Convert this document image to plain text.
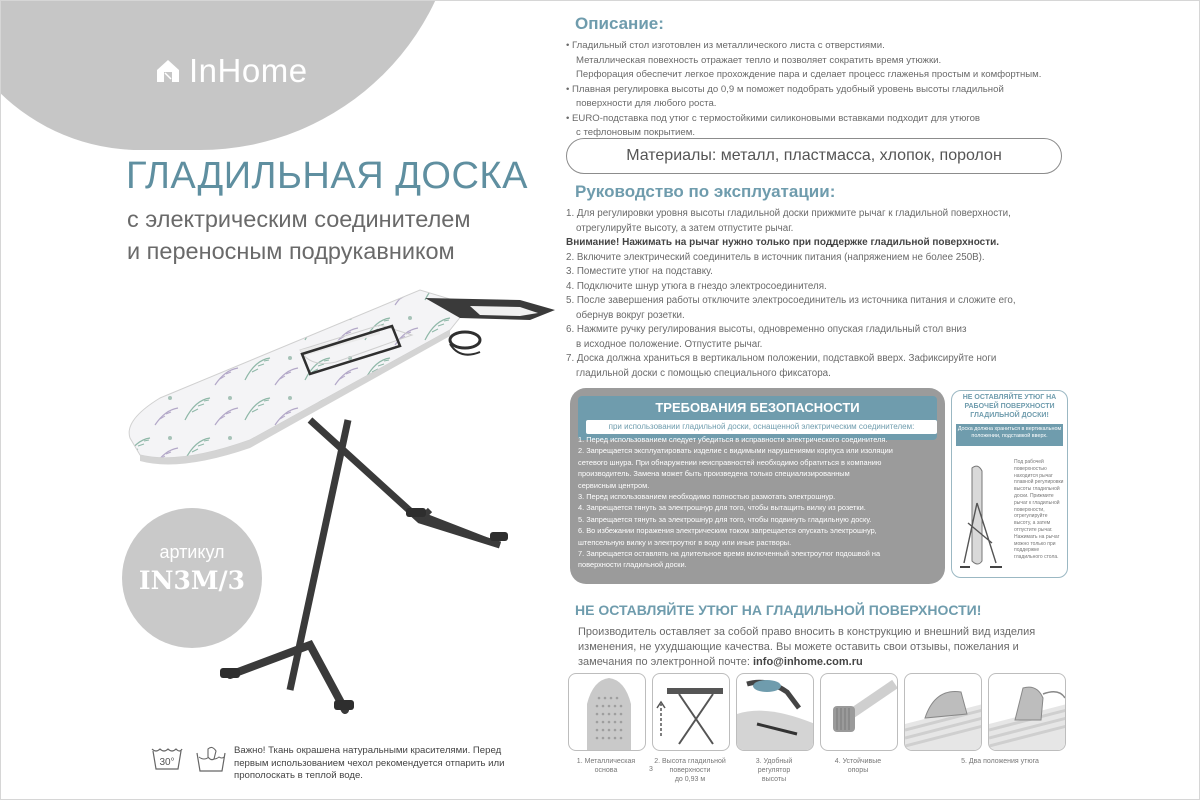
InHome
ГЛАДИЛЬНАЯ ДОСКА
с электрическим соединителем
и переносным подрукавником
артикул
IN3M/3
30°
Важно! Ткань окрашена натуральными красителями. Перед первым использованием чехол рекомендуется отпарить или прополоскать в теплой воде.
Описание:
• Гладильный стол изготовлен из металлического листа с отверстиями.
Металлическая повехность отражает тепло и позволяет сократить время утюжки.
Перфорация обеспечит легкое прохождение пара и сделает процесс глаженья простым и комфортным.
• Плавная регулировка высоты до 0,9 м поможет подобрать удобный уровень высоты гладильной
поверхности для любого роста.
• EURO-подставка под утюг с термостойкими силиконовыми вставками подходит для утюгов
с тефлоновым покрытием.
Материалы: металл, пластмасса, хлопок, поролон
Руководство по эксплуатации:
1. Для регулировки уровня высоты гладильной доски прижмите рычаг к гладильной поверхности,
отрегулируйте высоту, а затем отпустите рычаг.
Внимание! Нажимать на рычаг нужно только при поддержке гладильной поверхности.
2. Включите электрический соединитель в источник питания (напряжением не более 250В).
3. Поместите утюг на подставку.
4. Подключите шнур утюга в гнездо электросоединителя.
5. После завершения работы отключите электросоединитель из источника питания и сложите его,
обернув вокруг розетки.
6. Нажмите ручку регулирования высоты, одновременно опуская гладильный стол вниз
в исходное положение. Отпустите рычаг.
7. Доска должна храниться в вертикальном положении, подставкой вверх. Зафиксируйте ноги
гладильной доски с помощью специального фиксатора.
ТРЕБОВАНИЯ БЕЗОПАСНОСТИ
при использовании гладильной доски, оснащенной электрическим соединителем:
1. Перед использованием следует убедиться в исправности электрического соединителя.
2. Запрещается эксплуатировать изделие с видимыми нарушениями корпуса или изоляции
сетевого шнура. При обнаружении неисправностей необходимо обратиться в компанию
производитель. Замена может быть произведена только специализированным
сервисным центром.
3. Перед использованием необходимо полностью размотать электрошнур.
4. Запрещается тянуть за электрошнур для того, чтобы вытащить вилку из розетки.
5. Запрещается тянуть за электрошнур для того, чтобы подвинуть гладильную доску.
6. Во избежании поражения электрическим током запрещается опускать электрошнур,
штепсельную вилку и электроутюг в воду или иные растворы.
7. Запрещается оставлять на длительное время включенный электроутюг подошвой на
поверхности гладильной доски.
НЕ ОСТАВЛЯЙТЕ УТЮГ НА РАБОЧЕЙ ПОВЕРХНОСТИ ГЛАДИЛЬНОЙ ДОСКИ!
Доска должна храниться в вертикальном положении, подставкой вверх.
Под рабочей поверхностью находится рычаг плавной регулировки высоты гладильной доски. Прижмите рычаг к гладильной поверхности, отрегулируйте высоту, а затем отпустите рычаг. Нажимать на рычаг можно только при поддержке гладильного стола.
НЕ ОСТАВЛЯЙТЕ УТЮГ НА ГЛАДИЛЬНОЙ ПОВЕРХНОСТИ!
Производитель оставляет за собой право вносить в конструкцию и внешний вид изделия изменения, не ухудшающие качества. Вы можете оставить свои отзывы, пожелания и замечания по электронной почте: info@inhome.com.ru
1. Металлическая
основа	3
2. Высота гладильной
поверхности
до 0,93 м
3. Удобный
регулятор
высоты
4. Устойчивые
опоры
5. Два положения утюга
